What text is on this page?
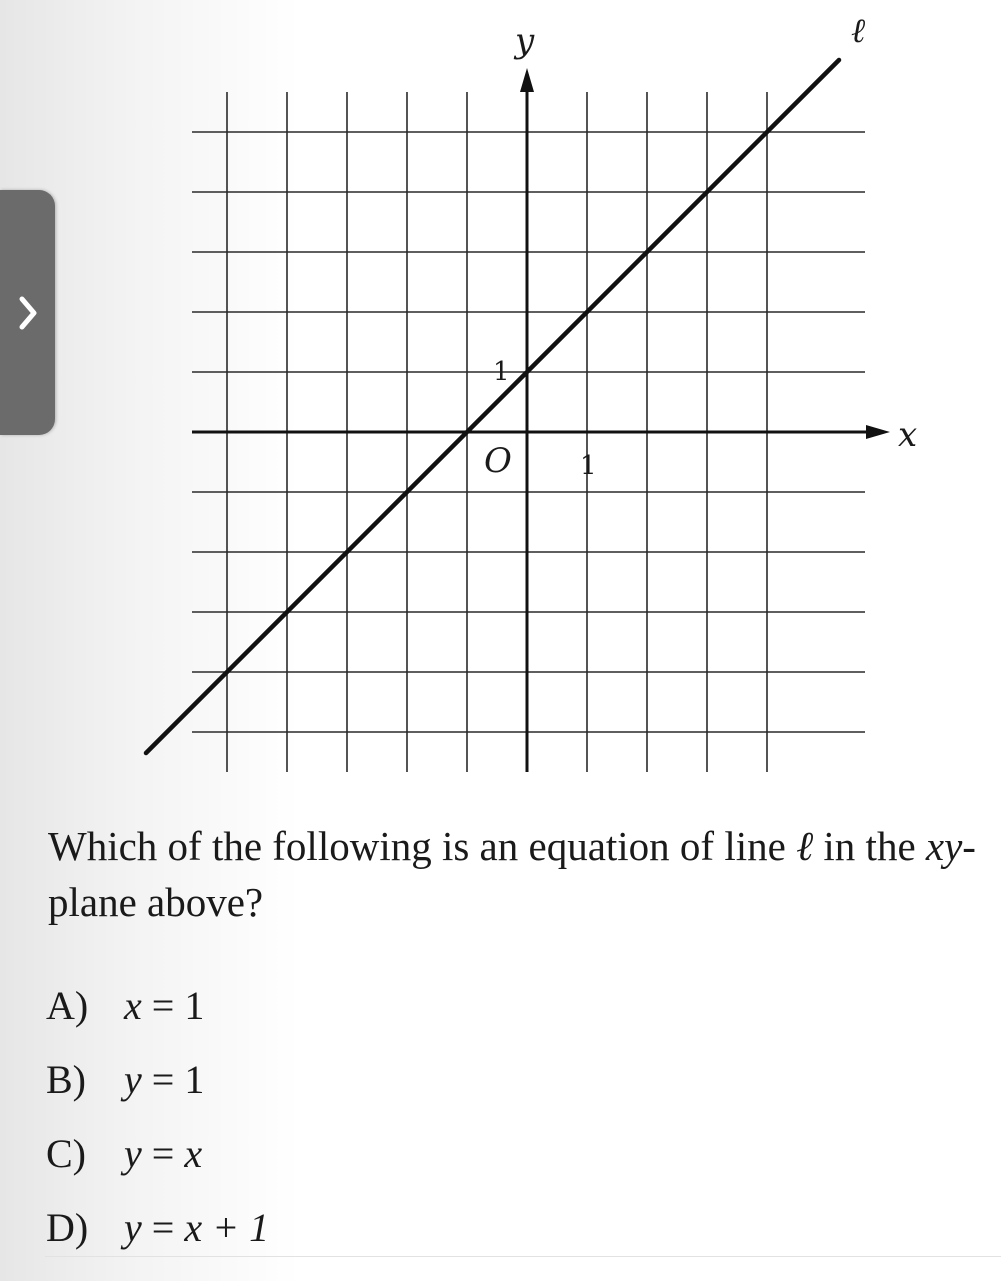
ℓ
x
y
O	1
1

Which of the following is an equation of line ℓ in the xy-plane above?

A) x = 1
B) y = 1
C) y = x
D) y = x + 1
